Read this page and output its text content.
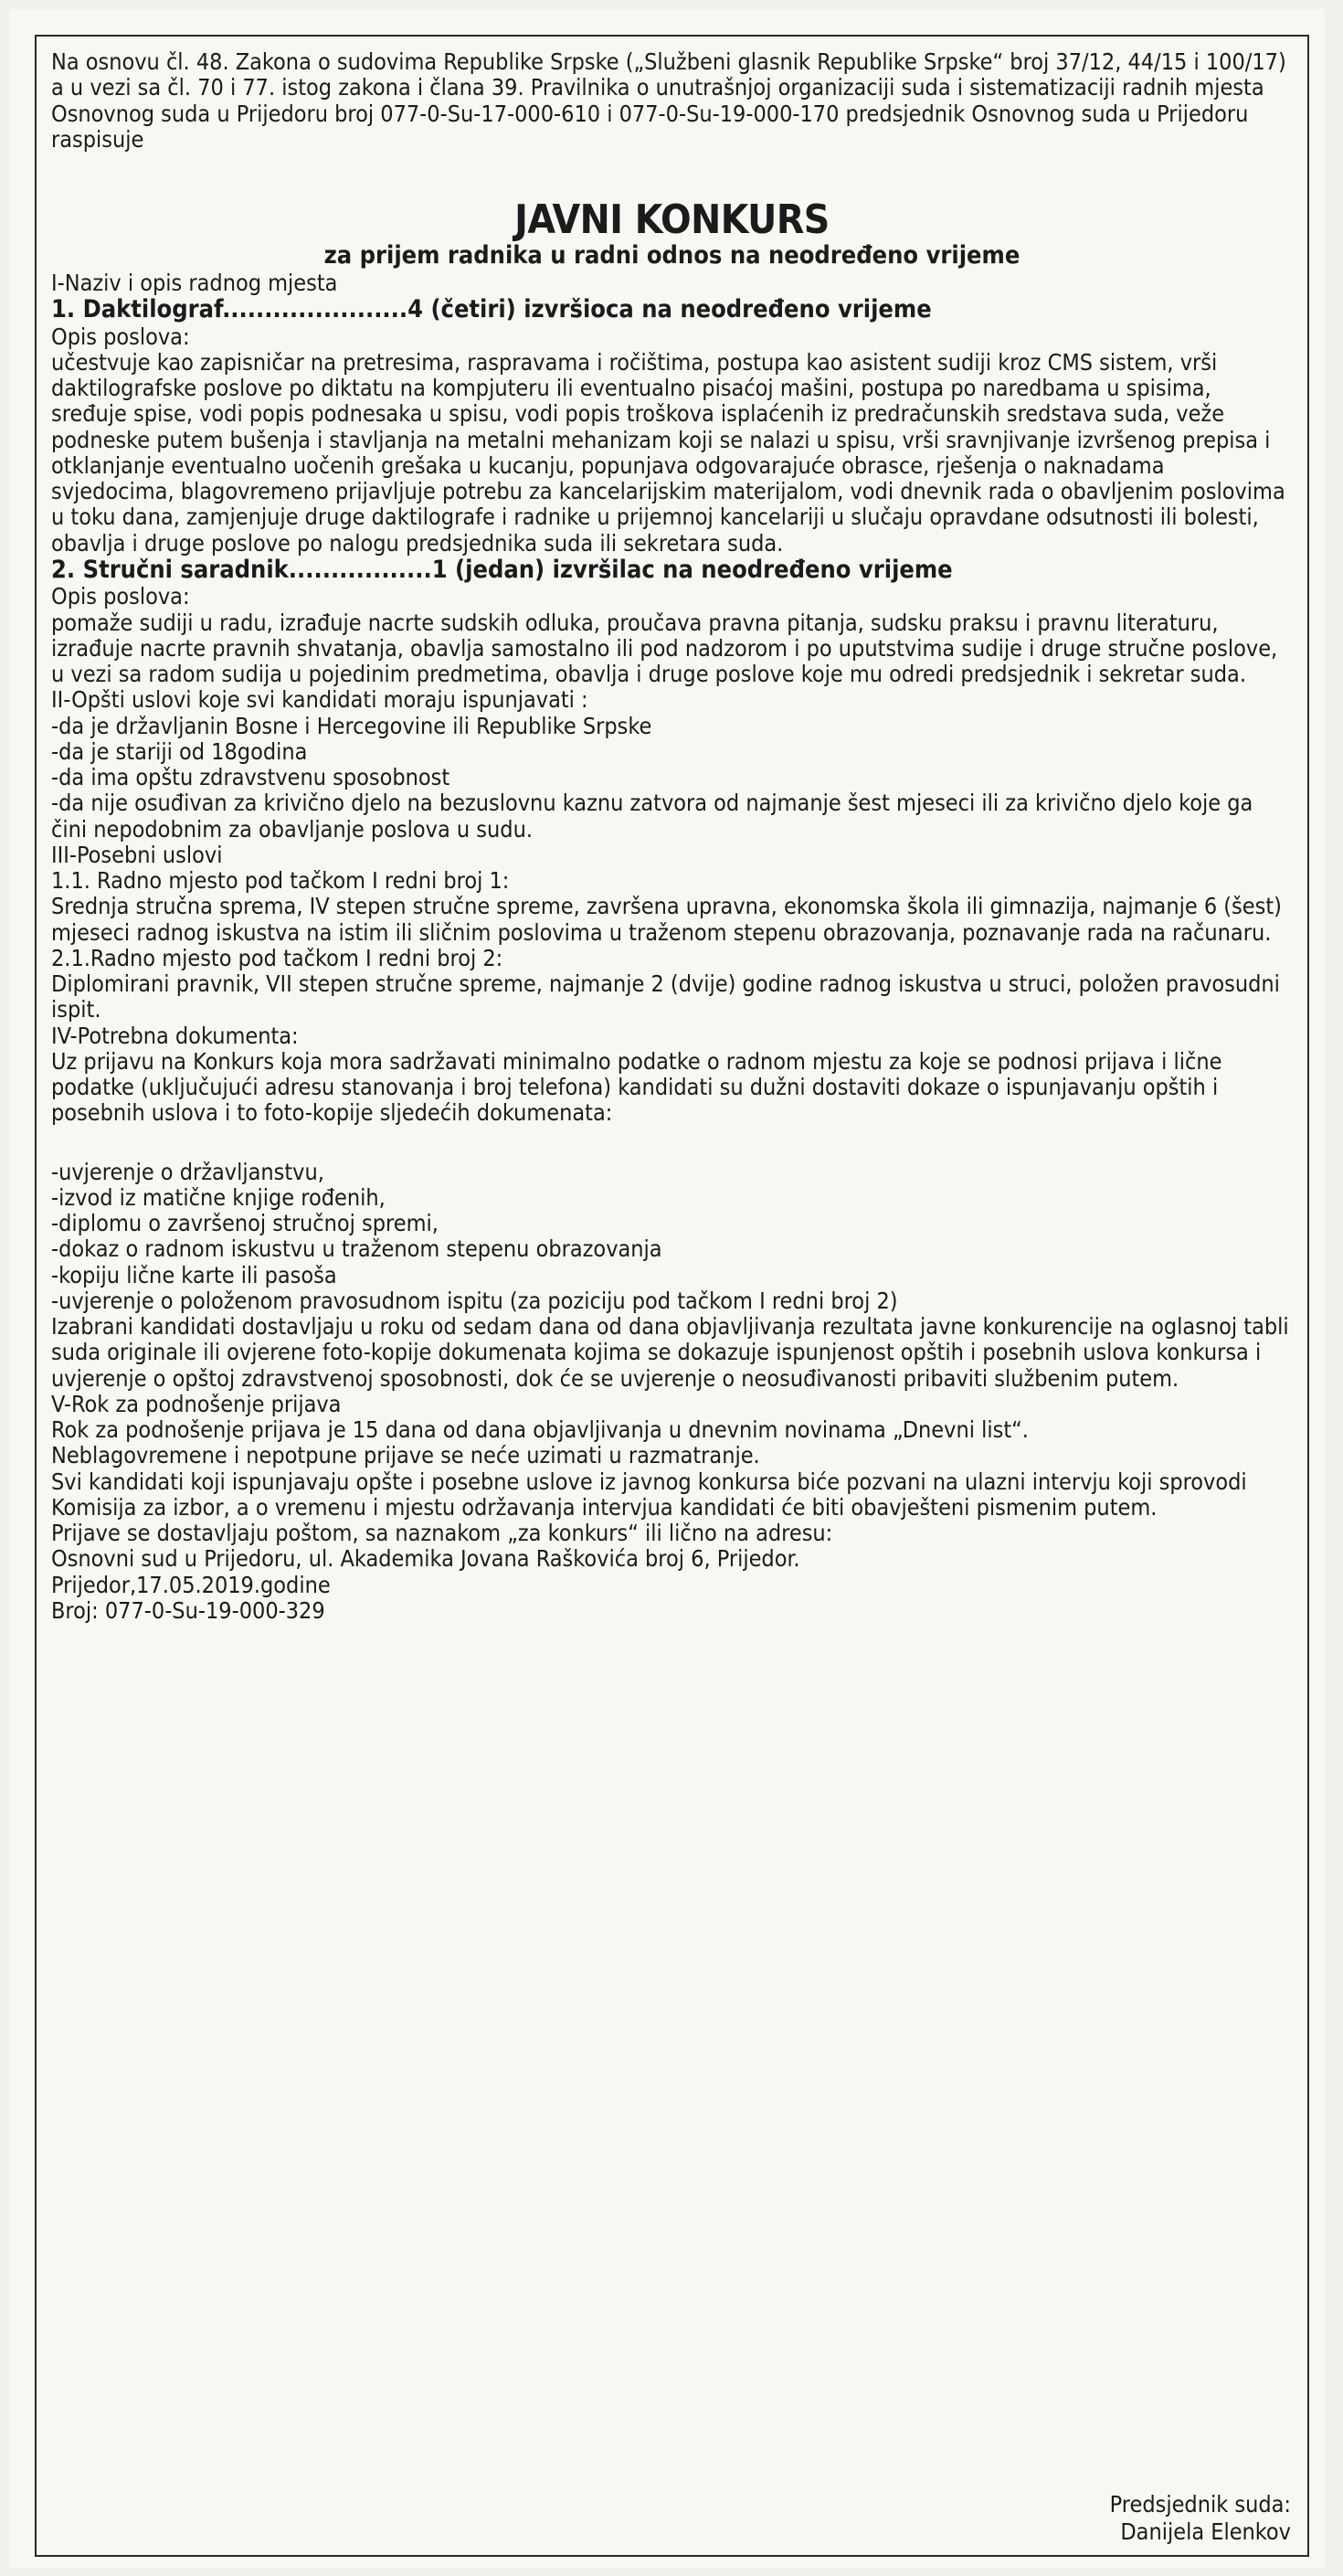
Na osnovu čl. 48. Zakona o sudovima Republike Srpske („Službeni glasnik Republike Srpske“ broj 37/12, 44/15 i 100/17) a u vezi sa čl. 70 i 77. istog zakona i člana 39. Pravilnika o unutrašnjoj organizaciji suda i sistematizaciji radnih mjesta Osnovnog suda u Prijedoru broj 077-0-Su-17-000-610 i 077-0-Su-19-000-170 predsjednik Osnovnog suda u Prijedoru raspisuje

JAVNI KONKURS
za prijem radnika u radni odnos na neodređeno vrijeme

I-Naziv i opis radnog mjesta

1. Daktilograf......................4 (četiri) izvršioca na neodređeno vrijeme

Opis poslova:

učestvuje kao zapisničar na pretresima, raspravama i ročištima, postupa kao asistent sudiji kroz CMS sistem, vrši daktilografske poslove po diktatu na kompjuteru ili eventualno pisaćoj mašini, postupa po naredbama u spisima, sređuje spise, vodi popis podnesaka u spisu, vodi popis troškova isplaćenih iz predračunskih sredstava suda, veže podneske putem bušenja i stavljanja na metalni mehanizam koji se nalazi u spisu, vrši sravnjivanje izvršenog prepisa i otklanjanje eventualno uočenih grešaka u kucanju, popunjava odgovarajuće obrasce, rješenja o naknadama svjedocima, blagovremeno prijavljuje potrebu za kancelarijskim materijalom, vodi dnevnik rada o obavljenim poslovima u toku dana, zamjenjuje druge daktilografe i radnike u prijemnoj kancelariji u slučaju opravdane odsutnosti ili bolesti, obavlja i druge poslove po nalogu predsjednika suda ili sekretara suda.

2. Stručni saradnik.................1 (jedan) izvršilac na neodređeno vrijeme

Opis poslova:

pomaže sudiji u radu, izrađuje nacrte sudskih odluka, proučava pravna pitanja, sudsku praksu i pravnu literaturu, izrađuje nacrte pravnih shvatanja, obavlja samostalno ili pod nadzorom i po uputstvima sudije i druge stručne poslove, u vezi sa radom sudija u pojedinim predmetima, obavlja i druge poslove koje mu odredi predsjednik i sekretar suda.

II-Opšti uslovi koje svi kandidati moraju ispunjavati :

-da je državljanin Bosne i Hercegovine ili Republike Srpske

-da je stariji od 18godina

-da ima opštu zdravstvenu sposobnost

-da nije osuđivan za krivično djelo na bezuslovnu kaznu zatvora od najmanje šest mjeseci ili za krivično djelo koje ga čini nepodobnim za obavljanje poslova u sudu.

III-Posebni uslovi

1.1. Radno mjesto pod tačkom I redni broj 1:

Srednja stručna sprema, IV stepen stručne spreme, završena upravna, ekonomska škola ili gimnazija, najmanje 6 (šest) mjeseci radnog iskustva na istim ili sličnim poslovima u traženom stepenu obrazovanja, poznavanje rada na računaru.

2.1.Radno mjesto pod tačkom I redni broj 2:

Diplomirani pravnik, VII stepen stručne spreme, najmanje 2 (dvije) godine radnog iskustva u struci, položen pravosudni ispit.

IV-Potrebna dokumenta:

Uz prijavu na Konkurs koja mora sadržavati minimalno podatke o radnom mjestu za koje se podnosi prijava i lične podatke (uključujući adresu stanovanja i broj telefona) kandidati su dužni dostaviti dokaze o ispunjavanju opštih i posebnih uslova i to foto-kopije sljedećih dokumenata:

-uvjerenje o državljanstvu,

-izvod iz matične knjige rođenih,

-diplomu o završenoj stručnoj spremi,

-dokaz o radnom iskustvu u traženom stepenu obrazovanja

-kopiju lične karte ili pasoša

-uvjerenje o položenom pravosudnom ispitu (za poziciju pod tačkom I redni broj 2)

Izabrani kandidati dostavljaju u roku od sedam dana od dana objavljivanja rezultata javne konkurencije na oglasnoj tabli suda originale ili ovjerene foto-kopije dokumenata kojima se dokazuje ispunjenost opštih i posebnih uslova konkursa i uvjerenje o opštoj zdravstvenoj sposobnosti, dok će se uvjerenje o neosuđivanosti pribaviti službenim putem.

V-Rok za podnošenje prijava

Rok za podnošenje prijava je 15 dana od dana objavljivanja u dnevnim novinama „Dnevni list“.

Neblagovremene i nepotpune prijave se neće uzimati u razmatranje.

Svi kandidati koji ispunjavaju opšte i posebne uslove iz javnog konkursa biće pozvani na ulazni intervju koji sprovodi Komisija za izbor, a o vremenu i mjestu održavanja intervjua kandidati će biti obavješteni pismenim putem.

Prijave se dostavljaju poštom, sa naznakom „za konkurs“ ili lično na adresu:

Osnovni sud u Prijedoru, ul. Akademika Jovana Raškovića broj 6, Prijedor.

Prijedor,17.05.2019.godine

Broj: 077-0-Su-19-000-329

Predsjednik suda:
Danijela Elenkov
